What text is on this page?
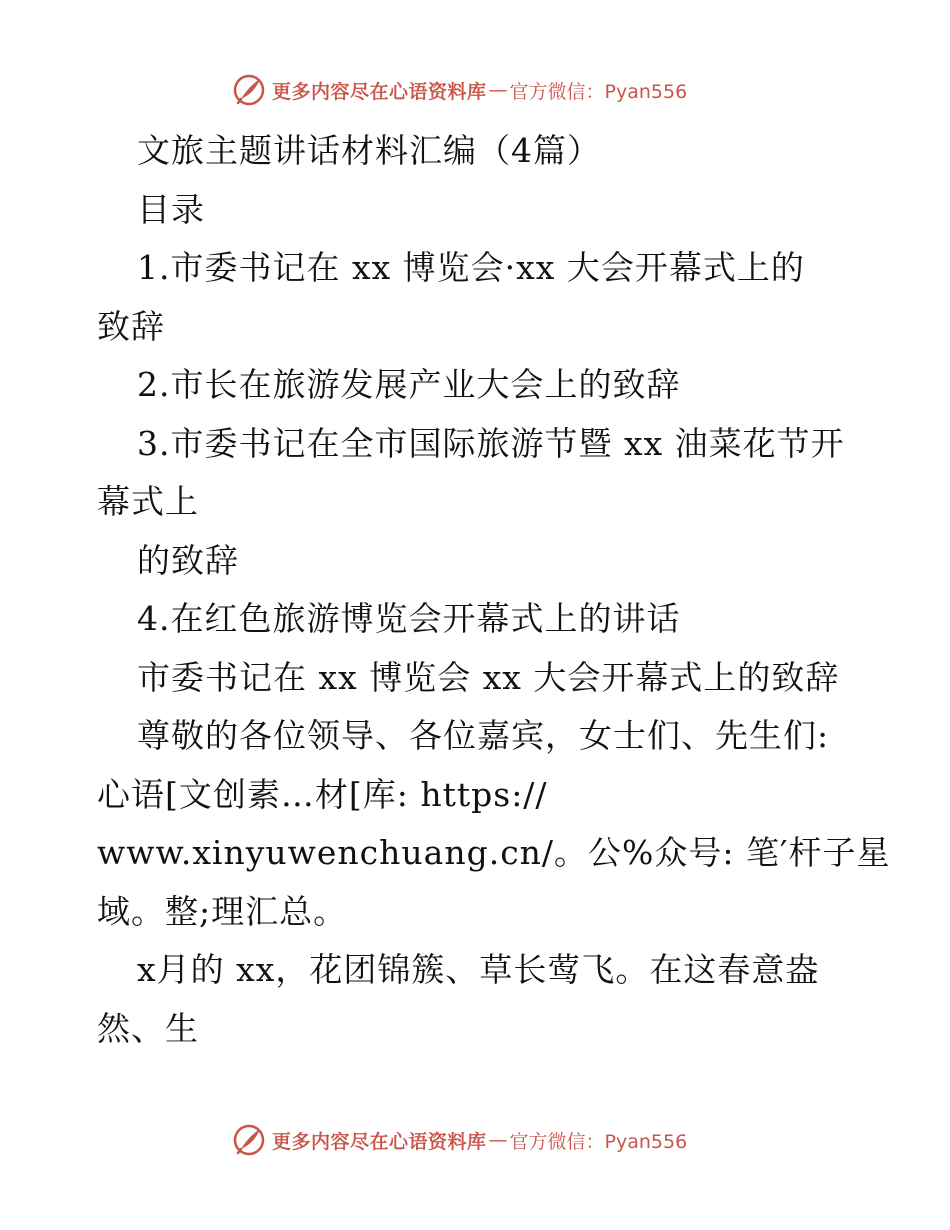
更多内容尽在心语资料库 — 官方微信：Pyan556
文旅主题讲话材料汇编（4篇）
目录
1.市委书记在 xx 博览会·xx 大会开幕式上的
致辞
2.市长在旅游发展产业大会上的致辞
3.市委书记在全市国际旅游节暨 xx 油菜花节开
幕式上
的致辞
4.在红色旅游博览会开幕式上的讲话
市委书记在 xx 博览会 xx 大会开幕式上的致辞
尊敬的各位领导、各位嘉宾，女士们、先生们:
心语[文创素…材[库: https://
www.xinyuwenchuang.cn/。公%众号: 笔′杆子星
域。整;理汇总。
x月的 xx，花团锦簇、草长莺飞。在这春意盎
然、生
更多内容尽在心语资料库 — 官方微信：Pyan556
